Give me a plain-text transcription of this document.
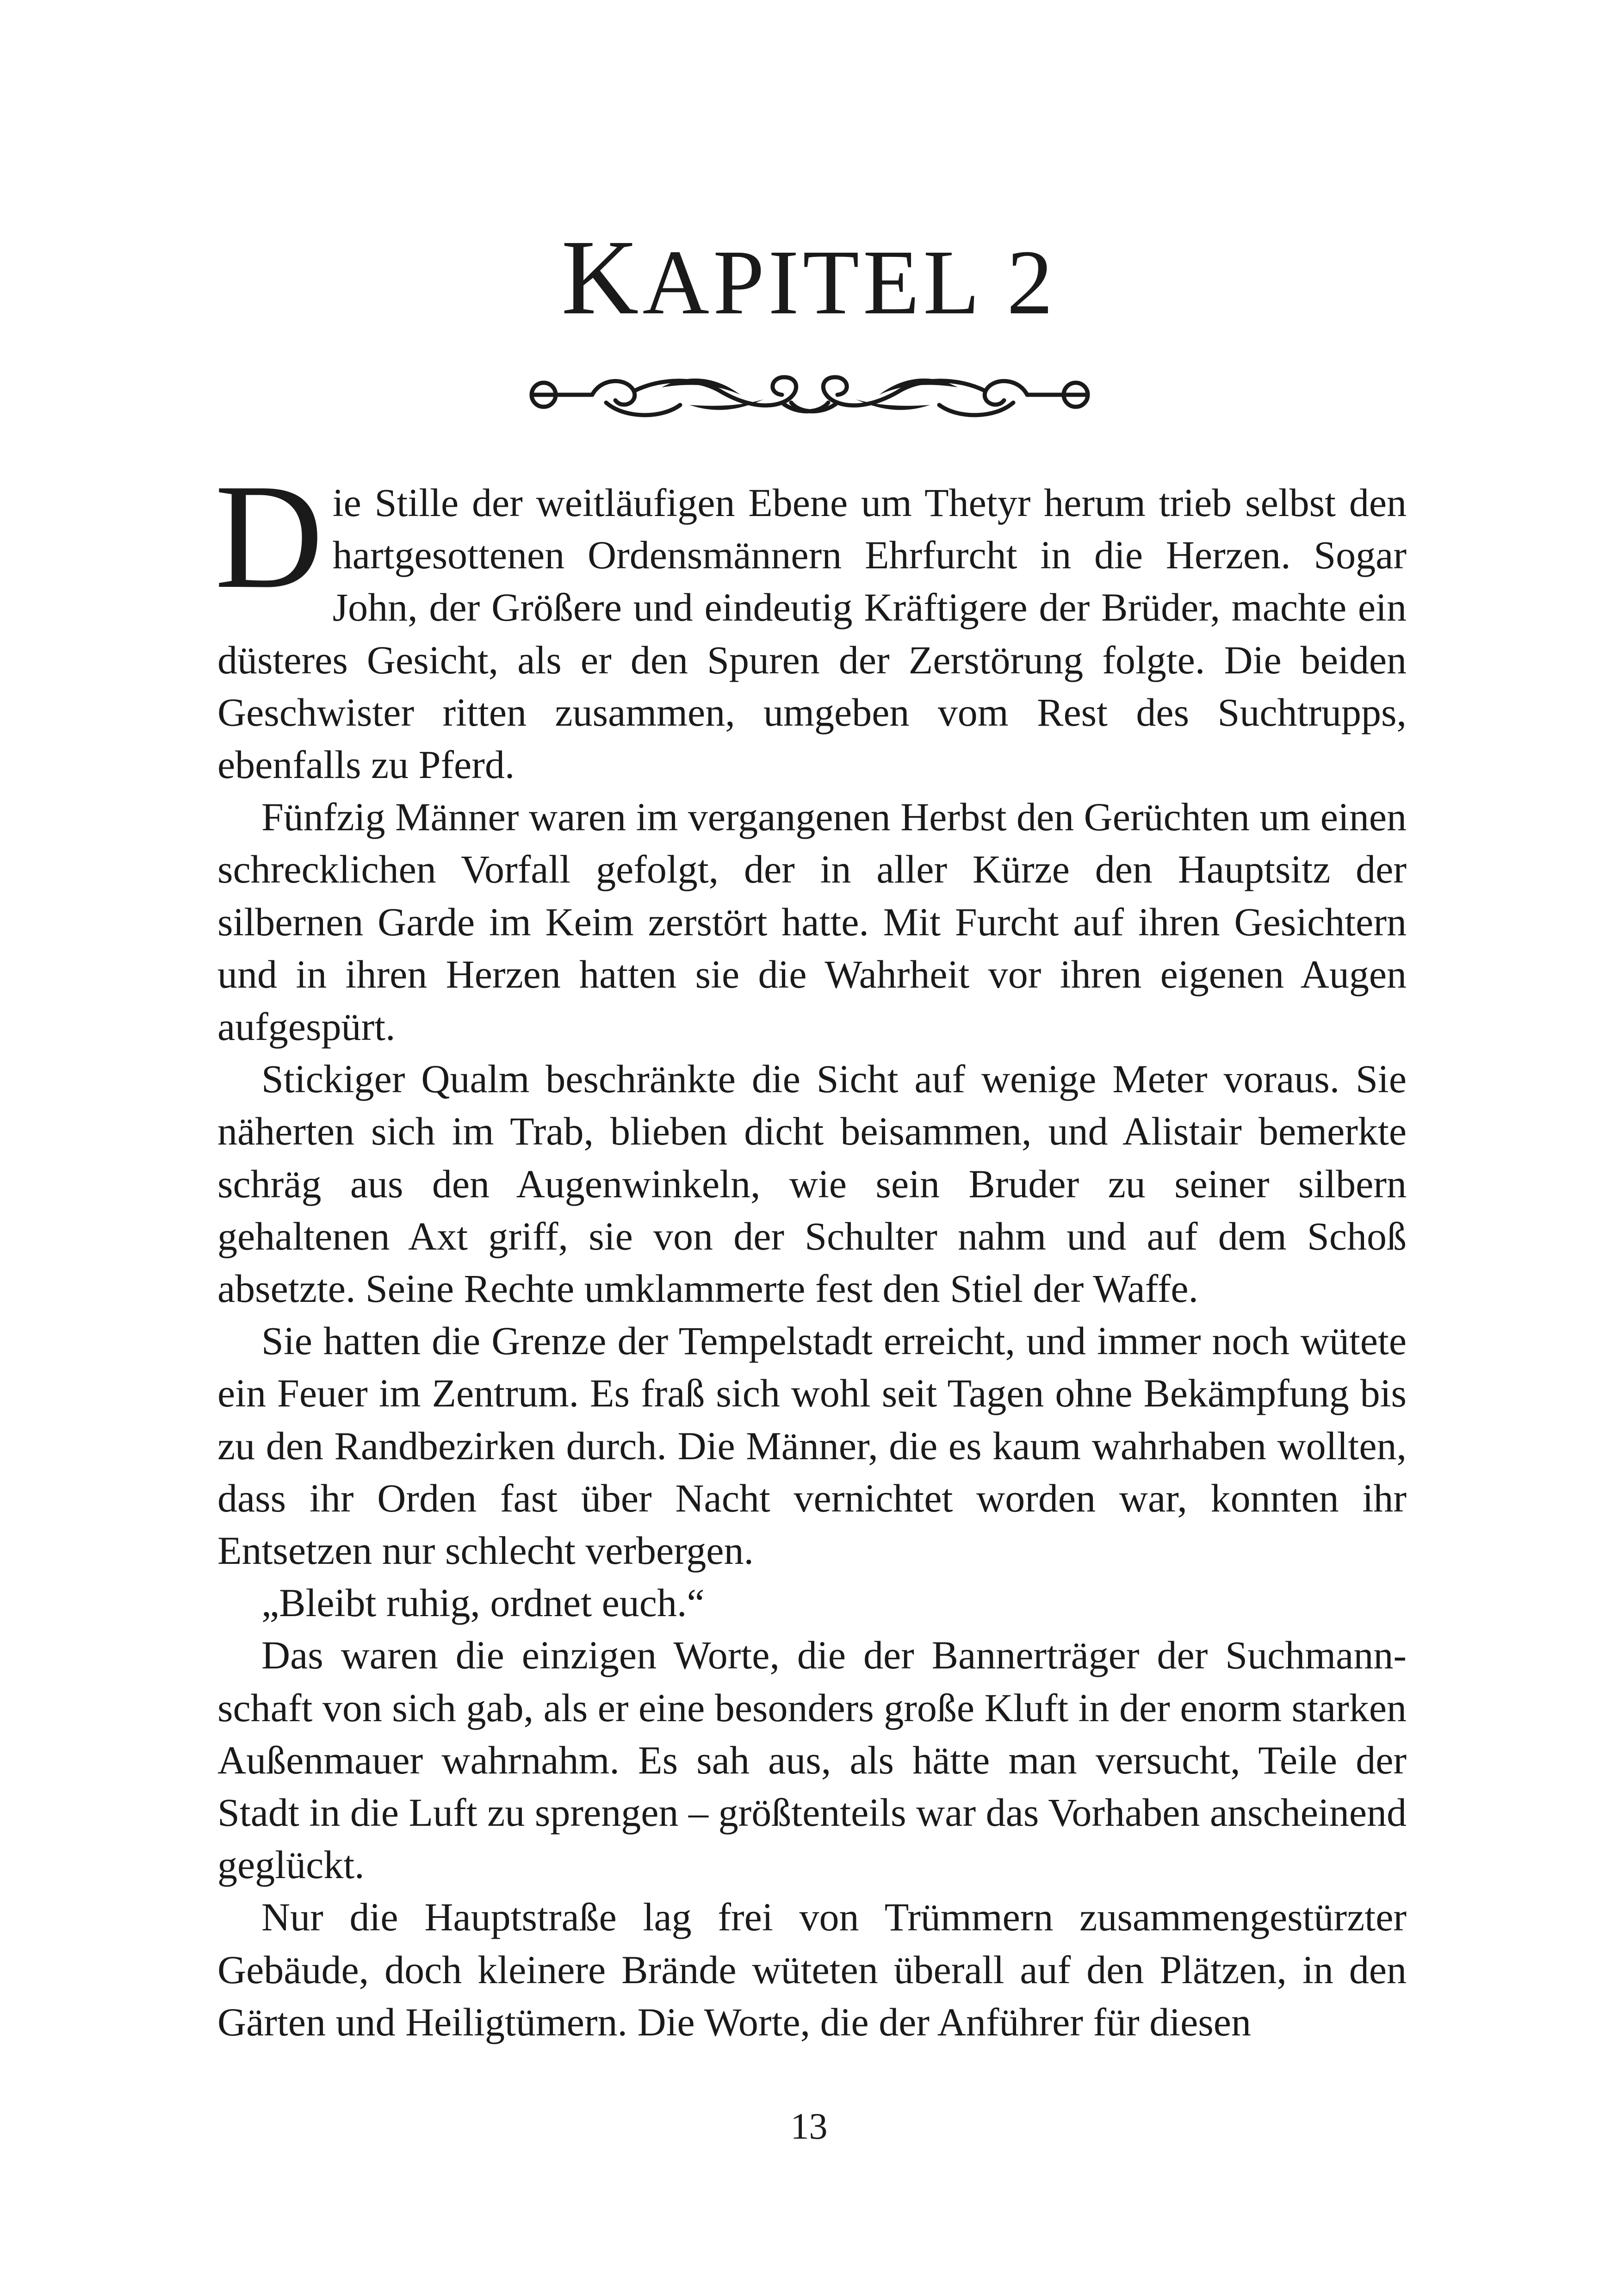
KAPITEL 2

Die Stille der weitläufigen Ebene um Thetyr herum trieb selbst den hartgesottenen Ordensmännern Ehrfurcht in die Herzen. Sogar John, der Größere und eindeutig Kräftigere der Brüder, machte ein düsteres Gesicht, als er den Spuren der Zerstörung folgte. Die beiden Geschwister ritten zusammen, umgeben vom Rest des Suchtrupps, ebenfalls zu Pferd.

Fünfzig Männer waren im vergangenen Herbst den Gerüchten um einen schrecklichen Vorfall gefolgt, der in aller Kürze den Hauptsitz der silbernen Garde im Keim zerstört hatte. Mit Furcht auf ihren Gesichtern und in ihren Herzen hatten sie die Wahrheit vor ihren eigenen Augen aufgespürt.

Stickiger Qualm beschränkte die Sicht auf wenige Meter voraus. Sie näherten sich im Trab, blieben dicht beisammen, und Alistair bemerkte schräg aus den Augenwinkeln, wie sein Bruder zu seiner silbern gehaltenen Axt griff, sie von der Schulter nahm und auf dem Schoß absetzte. Seine Rechte umklammerte fest den Stiel der Waffe.

Sie hatten die Grenze der Tempelstadt erreicht, und immer noch wütete ein Feuer im Zentrum. Es fraß sich wohl seit Tagen ohne Bekämpfung bis zu den Randbezirken durch. Die Männer, die es kaum wahrhaben wollten, dass ihr Orden fast über Nacht vernichtet worden war, konnten ihr Entsetzen nur schlecht verbergen.

„Bleibt ruhig, ordnet euch.“

Das waren die einzigen Worte, die der Bannerträger der Suchmannschaft von sich gab, als er eine besonders große Kluft in der enorm starken Außenmauer wahrnahm. Es sah aus, als hätte man versucht, Teile der Stadt in die Luft zu sprengen – größtenteils war das Vorhaben anscheinend geglückt.

Nur die Hauptstraße lag frei von Trümmern zusammengestürzter Gebäude, doch kleinere Brände wüteten überall auf den Plätzen, in den Gärten und Heiligtümern. Die Worte, die der Anführer für diesen

13
